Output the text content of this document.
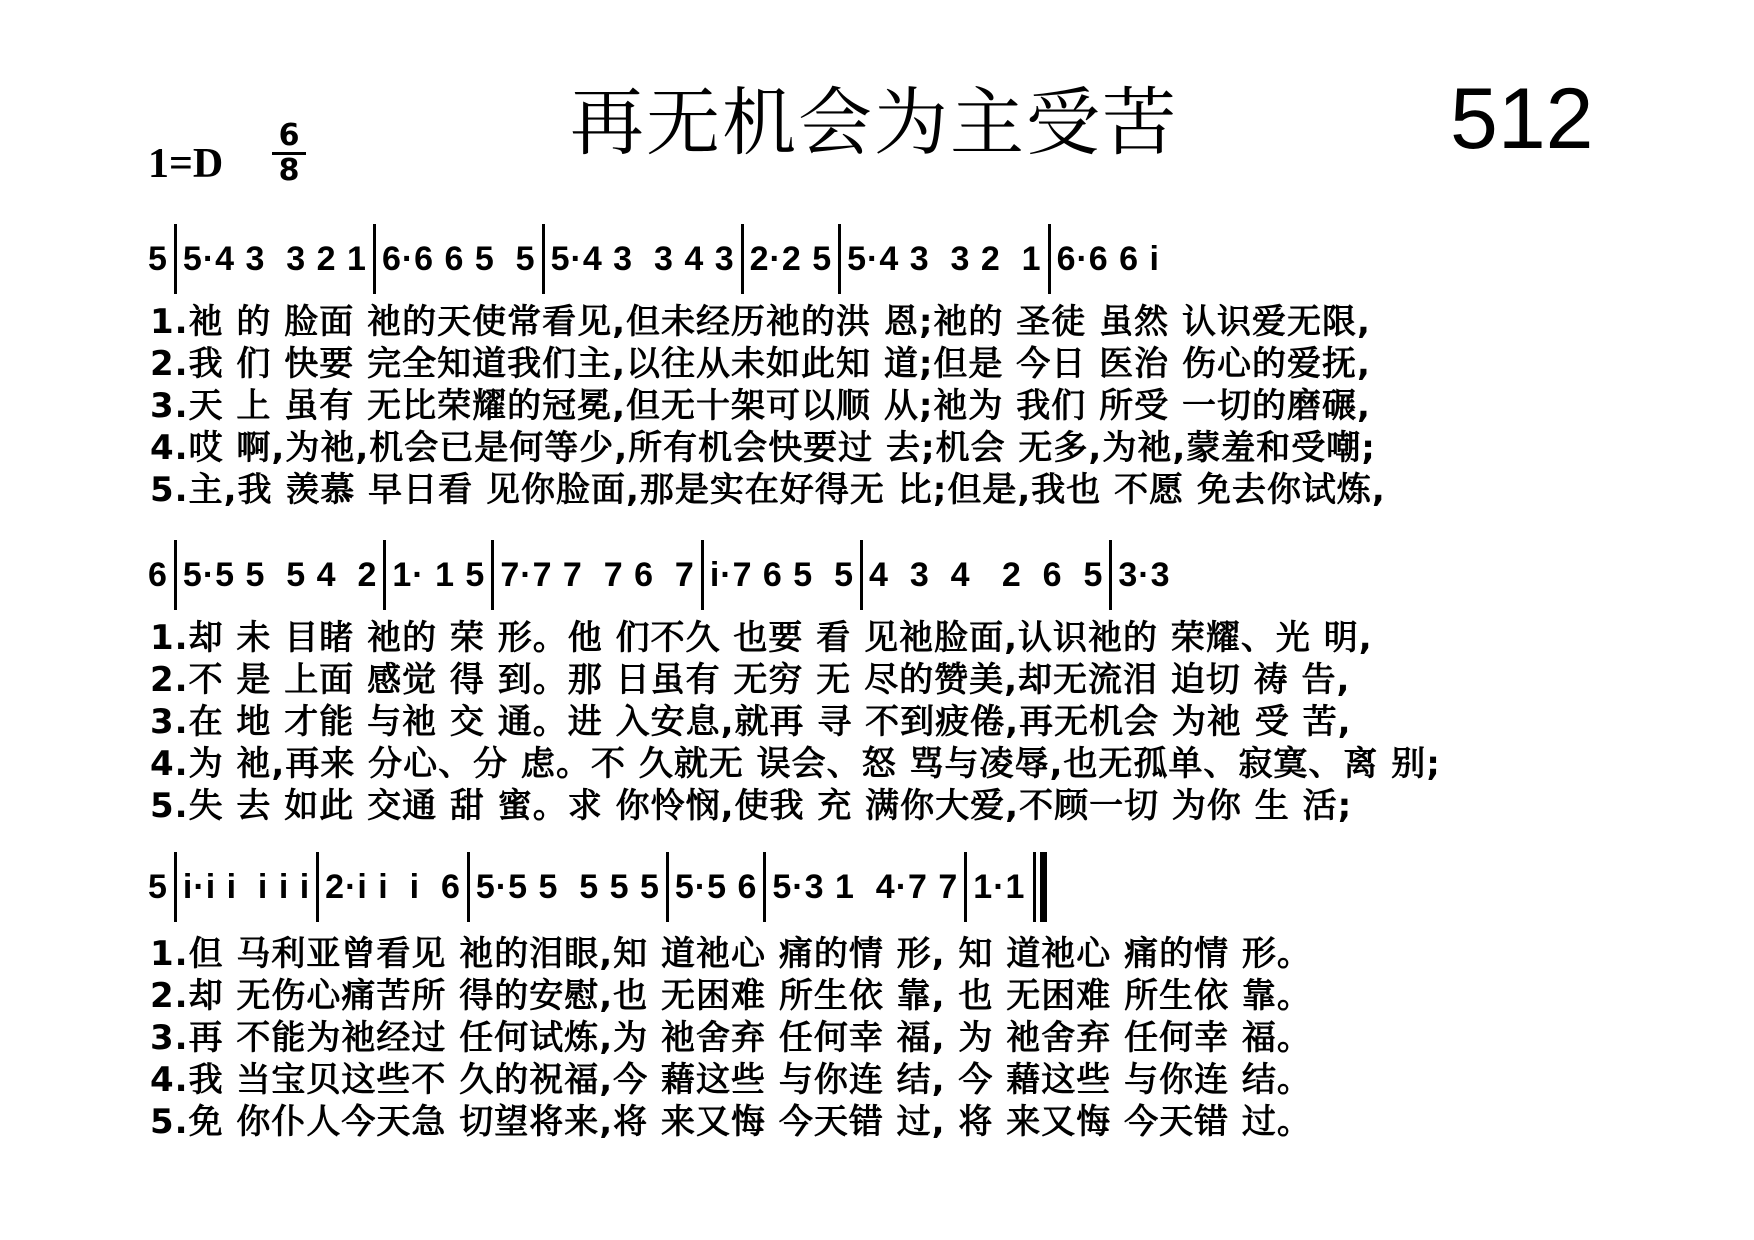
再无机会为主受苦	512
1=D
6
8
5 5·4 3  3 2 1 6·6 6 5  5 5·4 3  3 4 3 2·2 5 5·4 3  3 2  1 6·6 6 i
1.祂 的 脸面 祂的天使常看见,但未经历祂的洪 恩;祂的 圣徒 虽然 认识爱无限,
2.我 们 快要 完全知道我们主,以往从未如此知 道;但是 今日 医治 伤心的爱抚,
3.天 上 虽有 无比荣耀的冠冕,但无十架可以顺 从;祂为 我们 所受 一切的磨碾,
4.哎 啊,为祂,机会已是何等少,所有机会快要过 去;机会 无多,为祂,蒙羞和受嘲;
5.主,我 羡慕 早日看 见你脸面,那是实在好得无 比;但是,我也 不愿 免去你试炼,
6 5·5 5  5 4  2 1· 1 5 7·7 7  7 6  7 i·7 6 5  5 4  3  4   2  6  5 3·3
1.却 未 目睹 祂的 荣 形。他 们不久 也要 看 见祂脸面,认识祂的 荣耀、光 明,
2.不 是 上面 感觉 得 到。那 日虽有 无穷 无 尽的赞美,却无流泪 迫切 祷 告,
3.在 地 才能 与祂 交 通。进 入安息,就再 寻 不到疲倦,再无机会 为祂 受 苦,
4.为 祂,再来 分心、分 虑。不 久就无 误会、怒 骂与凌辱,也无孤单、寂寞、离 别;
5.失 去 如此 交通 甜 蜜。求 你怜悯,使我 充 满你大爱,不顾一切 为你 生 活;
5 i·i i  i i i 2·i i  i  6 5·5 5  5 5 5 5·5 6 5·3 1  4·7 7 1·1
1.但 马利亚曾看见 祂的泪眼,知 道祂心 痛的情 形, 知 道祂心 痛的情 形。
2.却 无伤心痛苦所 得的安慰,也 无困难 所生依 靠, 也 无困难 所生依 靠。
3.再 不能为祂经过 任何试炼,为 祂舍弃 任何幸 福, 为 祂舍弃 任何幸 福。
4.我 当宝贝这些不 久的祝福,今 藉这些 与你连 结, 今 藉这些 与你连 结。
5.免 你仆人今天急 切望将来,将 来又悔 今天错 过, 将 来又悔 今天错 过。
